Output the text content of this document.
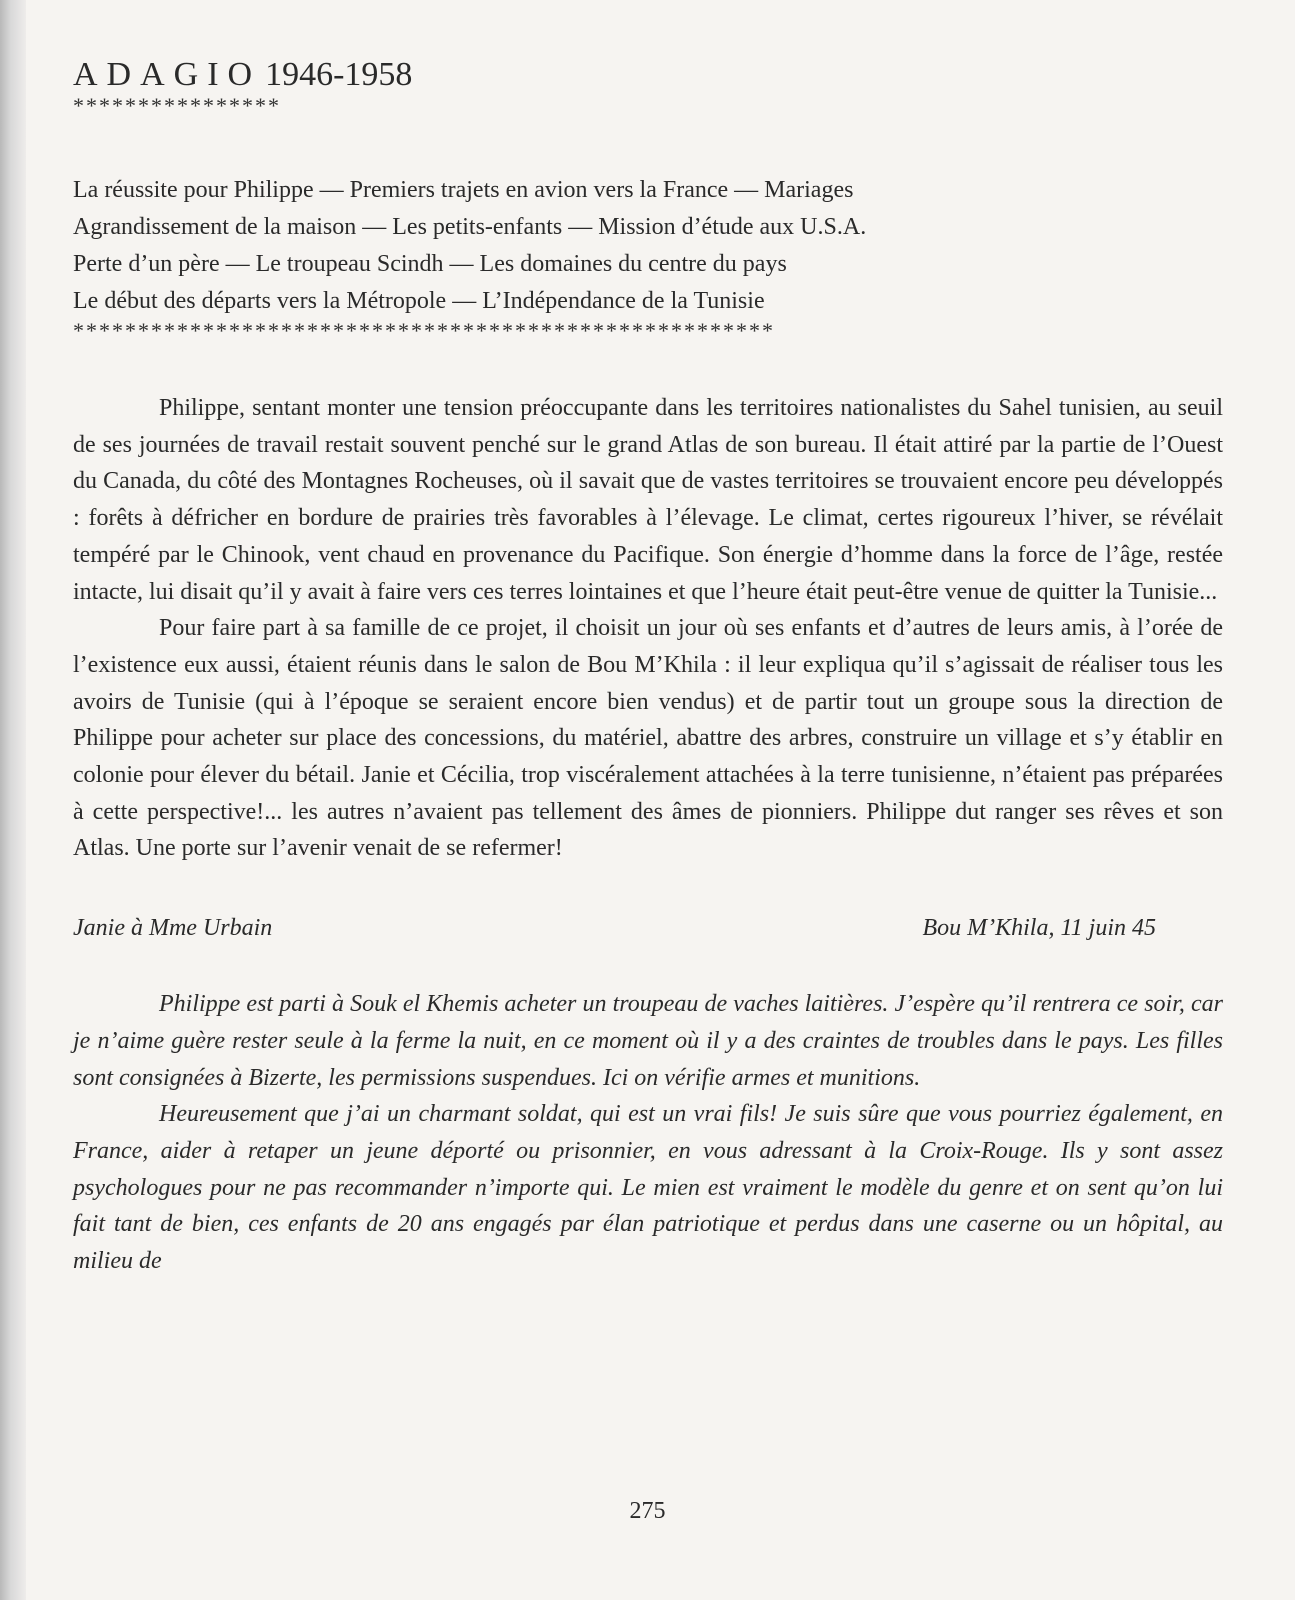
ADAGIO 1946-1958
****************
La réussite pour Philippe — Premiers trajets en avion vers la France — Mariages
Agrandissement de la maison — Les petits-enfants — Mission d’étude aux U.S.A.
Perte d’un père — Le troupeau Scindh — Les domaines du centre du pays
Le début des départs vers la Métropole — L’Indépendance de la Tunisie
******************************************************

Philippe, sentant monter une tension préoccupante dans les territoires nationalistes du Sahel tunisien, au seuil de ses journées de travail restait souvent penché sur le grand Atlas de son bureau. Il était attiré par la partie de l’Ouest du Canada, du côté des Montagnes Rocheuses, où il savait que de vastes territoires se trouvaient encore peu développés : forêts à défricher en bordure de prairies très favorables à l’élevage. Le climat, certes rigoureux l’hiver, se révélait tempéré par le Chinook, vent chaud en provenance du Pacifique. Son énergie d’homme dans la force de l’âge, restée intacte, lui disait qu’il y avait à faire vers ces terres lointaines et que l’heure était peut-être venue de quitter la Tunisie...

Pour faire part à sa famille de ce projet, il choisit un jour où ses enfants et d’autres de leurs amis, à l’orée de l’existence eux aussi, étaient réunis dans le salon de Bou M’Khila : il leur expliqua qu’il s’agissait de réaliser tous les avoirs de Tunisie (qui à l’époque se seraient encore bien vendus) et de partir tout un groupe sous la direction de Philippe pour acheter sur place des concessions, du matériel, abattre des arbres, construire un village et s’y établir en colonie pour élever du bétail. Janie et Cécilia, trop viscéralement attachées à la terre tunisienne, n’étaient pas préparées à cette perspective!... les autres n’avaient pas tellement des âmes de pionniers. Philippe dut ranger ses rêves et son Atlas. Une porte sur l’avenir venait de se refermer!

Janie à Mme Urbain	Bou M’Khila, 11 juin 45

Philippe est parti à Souk el Khemis acheter un troupeau de vaches laitières. J’espère qu’il rentrera ce soir, car je n’aime guère rester seule à la ferme la nuit, en ce moment où il y a des craintes de troubles dans le pays. Les filles sont consignées à Bizerte, les permissions suspendues. Ici on vérifie armes et munitions.

Heureusement que j’ai un charmant soldat, qui est un vrai fils! Je suis sûre que vous pourriez également, en France, aider à retaper un jeune déporté ou prisonnier, en vous adressant à la Croix-Rouge. Ils y sont assez psychologues pour ne pas recommander n’importe qui. Le mien est vraiment le modèle du genre et on sent qu’on lui fait tant de bien, ces enfants de 20 ans engagés par élan patriotique et perdus dans une caserne ou un hôpital, au milieu de

275
